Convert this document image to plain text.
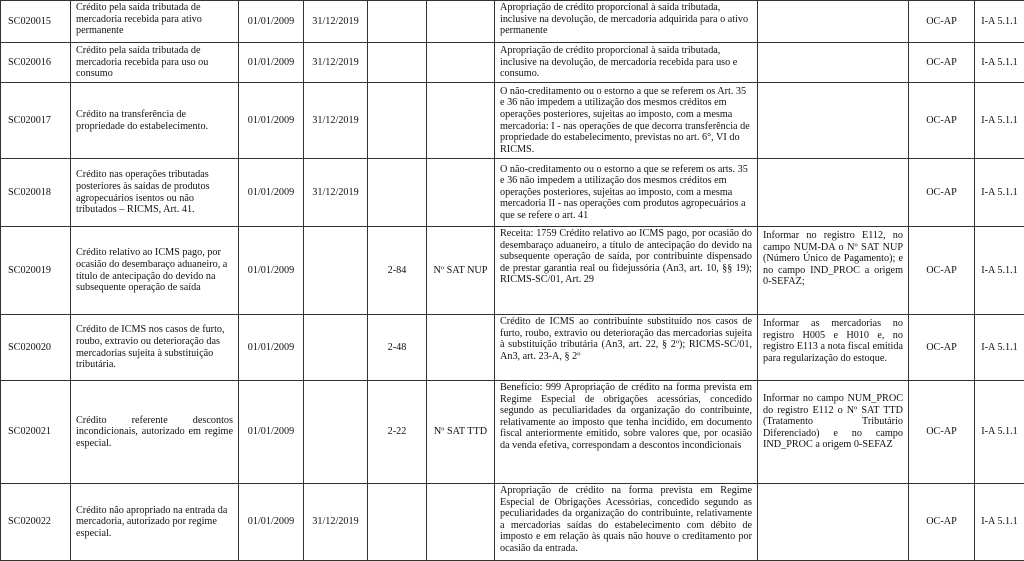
SC020015	Crédito pela saída tributada de mercadoria recebida para ativo permanente	01/01/2009	31/12/2019			Apropriação de crédito proporcional à saída tributada, inclusive na devolução, de mercadoria adquirida para o ativo permanente		OC-AP	I-A 5.1.1
SC020016	Crédito pela saída tributada de mercadoria recebida para uso ou consumo	01/01/2009	31/12/2019			Apropriação de crédito proporcional à saída tributada, inclusive na devolução, de mercadoria recebida para uso e consumo.		OC-AP	I-A 5.1.1
SC020017	Crédito na transferência de propriedade do estabelecimento.	01/01/2009	31/12/2019			O não-creditamento ou o estorno a que se referem os Art. 35 e 36 não impedem a utilização dos mesmos créditos em operações posteriores, sujeitas ao imposto, com a mesma mercadoria: I - nas operações de que decorra transferência de propriedade do estabelecimento, previstas no art. 6°, VI do RICMS.		OC-AP	I-A 5.1.1
SC020018	Crédito nas operações tributadas posteriores às saídas de produtos agropecuários isentos ou não tributados – RICMS, Art. 41.	01/01/2009	31/12/2019			O não-creditamento ou o estorno a que se referem os arts. 35 e 36 não impedem a utilização dos mesmos créditos em operações posteriores, sujeitas ao imposto, com a mesma mercadoria II - nas operações com produtos agropecuários a que se refere o art. 41		OC-AP	I-A 5.1.1
SC020019	Crédito relativo ao ICMS pago, por ocasião do desembaraço aduaneiro, a título de antecipação do devido na subsequente operação de saída	01/01/2009		2-84	Nº SAT NUP	Receita: 1759 Crédito relativo ao ICMS pago, por ocasião do desembaraço aduaneiro, a título de antecipação do devido na subsequente operação de saída, por contribuinte dispensado de prestar garantia real ou fidejussória (An3, art. 10, §§ 19); RICMS-SC/01, Art. 29	Informar no registro E112, no campo NUM-DA o Nº SAT NUP (Número Único de Pagamento); e no campo IND_PROC a origem 0-SEFAZ;	OC-AP	I-A 5.1.1
SC020020	Crédito de ICMS nos casos de furto, roubo, extravio ou deterioração das mercadorias sujeita à substituição tributária.	01/01/2009		2-48		Crédito de ICMS ao contribuinte substituído nos casos de furto, roubo, extravio ou deterioração das mercadorias sujeita à substituição tributária (An3, art. 22, § 2º); RICMS-SC/01, An3, art. 23-A, § 2º	Informar as mercadorias no registro H005 e H010 e, no registro E113 a nota fiscal emitida para regularização do estoque.	OC-AP	I-A 5.1.1
SC020021	Crédito referente descontos incondicionais, autorizado em regime especial.	01/01/2009		2-22	Nº SAT TTD	Benefício: 999 Apropriação de crédito na forma prevista em Regime Especial de obrigações acessórias, concedido segundo as peculiaridades da organização do contribuinte, relativamente ao imposto que tenha incidido, em documento fiscal anteriormente emitido, sobre valores que, por ocasião da venda efetiva, correspondam a descontos incondicionais	Informar no campo NUM_PROC do registro E112 o Nº SAT TTD (Tratamento Tributário Diferenciado) e no campo IND_PROC a origem 0-SEFAZ	OC-AP	I-A 5.1.1
SC020022	Crédito não apropriado na entrada da mercadoria, autorizado por regime especial.	01/01/2009	31/12/2019			Apropriação de crédito na forma prevista em Regime Especial de Obrigações Acessórias, concedido segundo as peculiaridades da organização do contribuinte, relativamente a mercadorias saídas do estabelecimento com débito de imposto e em relação às quais não houve o creditamento por ocasião da entrada.		OC-AP	I-A 5.1.1
